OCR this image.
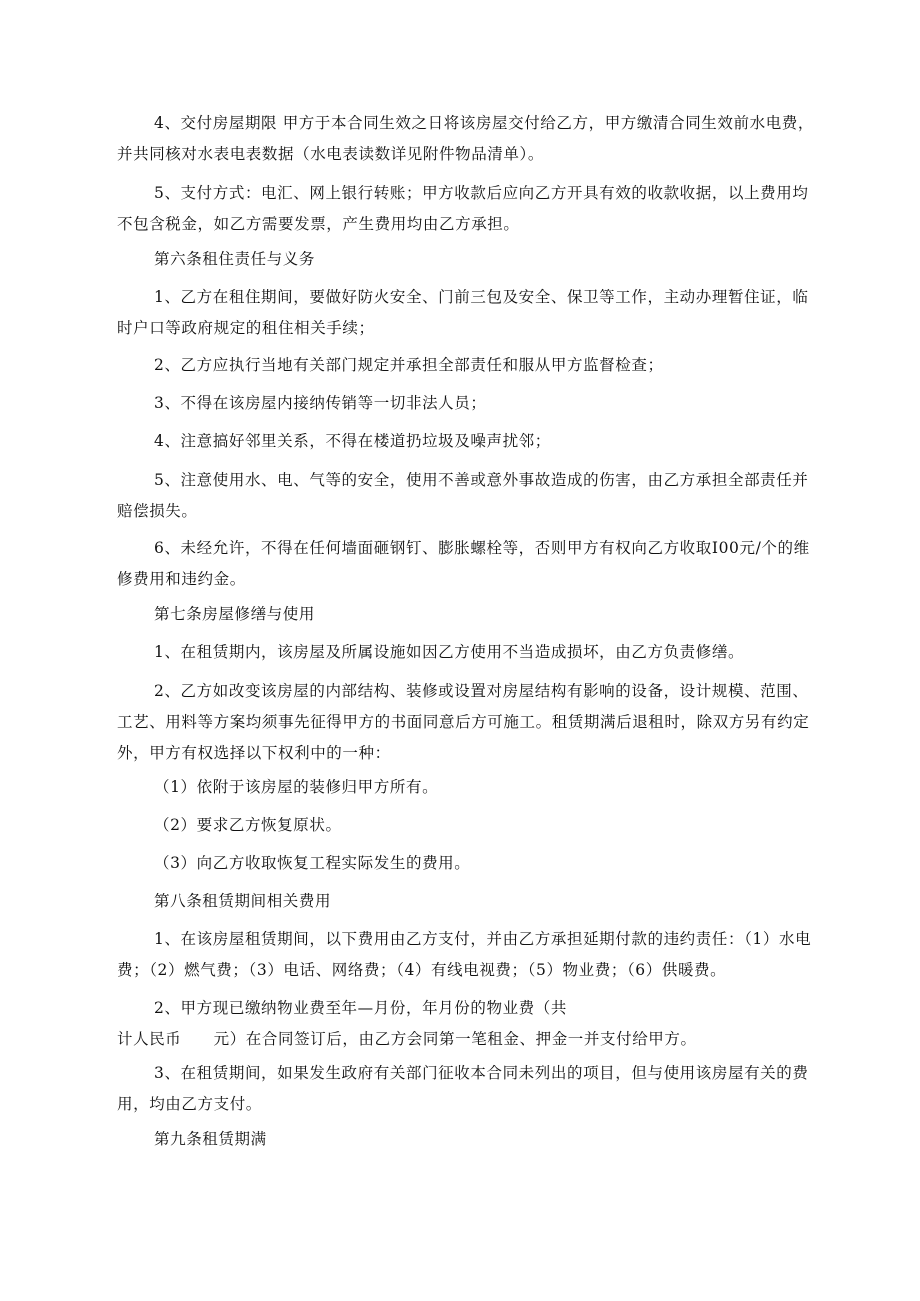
4、交付房屋期限 甲方于本合同生效之日将该房屋交付给乙方，甲方缴清合同生效前水电费，并共同核对水表电表数据（水电表读数详见附件物品清单）。

5、支付方式：电汇、网上银行转账；甲方收款后应向乙方开具有效的收款收据，以上费用均不包含税金，如乙方需要发票，产生费用均由乙方承担。

第六条租住责任与义务

1、乙方在租住期间，要做好防火安全、门前三包及安全、保卫等工作，主动办理暂住证，临时户口等政府规定的租住相关手续；

2、乙方应执行当地有关部门规定并承担全部责任和服从甲方监督检查；

3、不得在该房屋内接纳传销等一切非法人员；

4、注意搞好邻里关系，不得在楼道扔垃圾及噪声扰邻；

5、注意使用水、电、气等的安全，使用不善或意外事故造成的伤害，由乙方承担全部责任并赔偿损失。

6、未经允许，不得在任何墙面砸钢钉、膨胀螺栓等，否则甲方有权向乙方收取I00元/个的维修费用和违约金。

第七条房屋修缮与使用

1、在租赁期内，该房屋及所属设施如因乙方使用不当造成损坏，由乙方负责修缮。

2、乙方如改变该房屋的内部结构、装修或设置对房屋结构有影响的设备，设计规模、范围、工艺、用料等方案均须事先征得甲方的书面同意后方可施工。租赁期满后退租时，除双方另有约定外，甲方有权选择以下权利中的一种：

（1）依附于该房屋的装修归甲方所有。

（2）要求乙方恢复原状。

（3）向乙方收取恢复工程实际发生的费用。

第八条租赁期间相关费用

1、在该房屋租赁期间，以下费用由乙方支付，并由乙方承担延期付款的违约责任：（1）水电费；（2）燃气费；（3）电话、网络费；（4）有线电视费；（5）物业费；（6）供暖费。

2、甲方现已缴纳物业费至年—月份，年月份的物业费（共

计人民币　　元）在合同签订后，由乙方会同第一笔租金、押金一并支付给甲方。

3、在租赁期间，如果发生政府有关部门征收本合同未列出的项目，但与使用该房屋有关的费用，均由乙方支付。

第九条租赁期满
